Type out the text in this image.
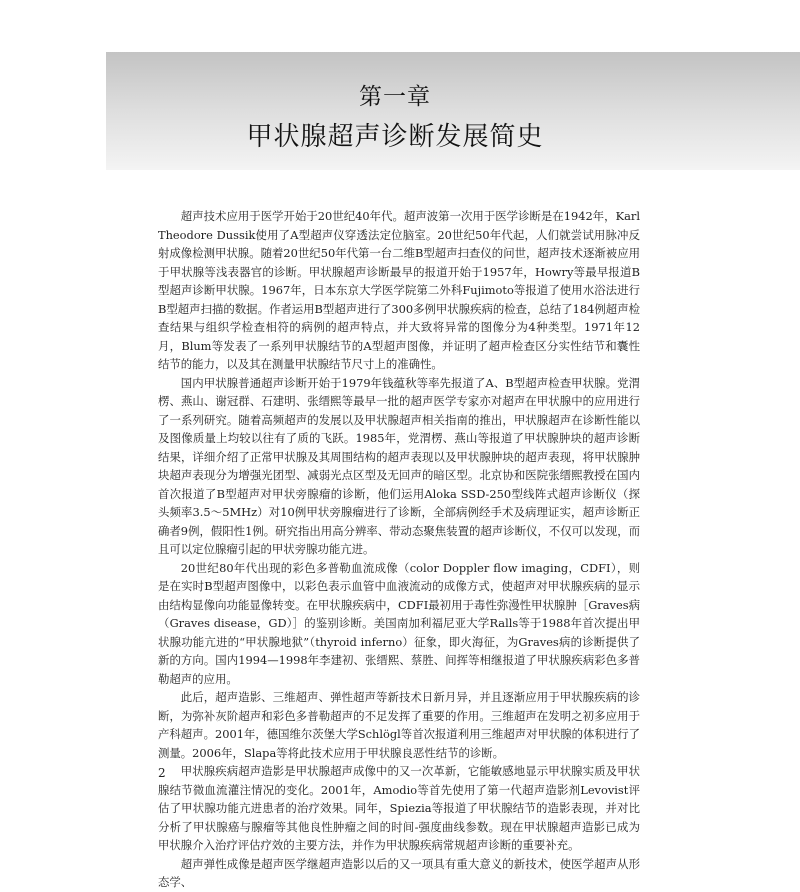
第一章
甲状腺超声诊断发展简史

超声技术应用于医学开始于20世纪40年代。超声波第一次用于医学诊断是在1942年，Karl Theodore Dussik使用了A型超声仪穿透法定位脑室。20世纪50年代起，人们就尝试用脉冲反射成像检测甲状腺。随着20世纪50年代第一台二维B型超声扫查仪的问世，超声技术逐渐被应用于甲状腺等浅表器官的诊断。甲状腺超声诊断最早的报道开始于1957年，Howry等最早报道B型超声诊断甲状腺。1967年，日本东京大学医学院第二外科Fujimoto等报道了使用水浴法进行B型超声扫描的数据。作者运用B型超声进行了300多例甲状腺疾病的检查，总结了184例超声检查结果与组织学检查相符的病例的超声特点，并大致将异常的图像分为4种类型。1971年12月，Blum等发表了一系列甲状腺结节的A型超声图像，并证明了超声检查区分实性结节和囊性结节的能力，以及其在测量甲状腺结节尺寸上的准确性。

国内甲状腺普通超声诊断开始于1979年钱蕴秋等率先报道了A、B型超声检查甲状腺。党渭楞、燕山、谢冠群、石建明、张缙熙等最早一批的超声医学专家亦对超声在甲状腺中的应用进行了一系列研究。随着高频超声的发展以及甲状腺超声相关指南的推出，甲状腺超声在诊断性能以及图像质量上均较以往有了质的飞跃。1985年，党渭楞、燕山等报道了甲状腺肿块的超声诊断结果，详细介绍了正常甲状腺及其周围结构的超声表现以及甲状腺肿块的超声表现，将甲状腺肿块超声表现分为增强光团型、减弱光点区型及无回声的暗区型。北京协和医院张缙熙教授在国内首次报道了B型超声对甲状旁腺瘤的诊断，他们运用Aloka SSD-250型线阵式超声诊断仪（探头频率3.5～5MHz）对10例甲状旁腺瘤进行了诊断，全部病例经手术及病理证实，超声诊断正确者9例，假阳性1例。研究指出用高分辨率、带动态聚焦装置的超声诊断仪，不仅可以发现，而且可以定位腺瘤引起的甲状旁腺功能亢进。

20世纪80年代出现的彩色多普勒血流成像（color Doppler flow imaging，CDFI），则是在实时B型超声图像中，以彩色表示血管中血液流动的成像方式，使超声对甲状腺疾病的显示由结构显像向功能显像转变。在甲状腺疾病中，CDFI最初用于毒性弥漫性甲状腺肿［Graves病（Graves disease，GD）］的鉴别诊断。美国南加利福尼亚大学Ralls等于1988年首次提出甲状腺功能亢进的“甲状腺地狱”（thyroid inferno）征象，即火海征，为Graves病的诊断提供了新的方向。国内1994—1998年李建初、张缙熙、蔡胜、间挥等相继报道了甲状腺疾病彩色多普勒超声的应用。

此后，超声造影、三维超声、弹性超声等新技术日新月异，并且逐渐应用于甲状腺疾病的诊断，为弥补灰阶超声和彩色多普勒超声的不足发挥了重要的作用。三维超声在发明之初多应用于产科超声。2001年，德国维尔茨堡大学Schlögl等首次报道利用三维超声对甲状腺的体积进行了测量。2006年，Slapa等将此技术应用于甲状腺良恶性结节的诊断。

甲状腺疾病超声造影是甲状腺超声成像中的又一次革新，它能敏感地显示甲状腺实质及甲状腺结节微血流灌注情况的变化。2001年，Amodio等首先使用了第一代超声造影剂Levovist评估了甲状腺功能亢进患者的治疗效果。同年，Spiezia等报道了甲状腺结节的造影表现，并对比分析了甲状腺癌与腺瘤等其他良性肿瘤之间的时间-强度曲线参数。现在甲状腺超声造影已成为甲状腺介入治疗评估疗效的主要方法，并作为甲状腺疾病常规超声诊断的重要补充。

超声弹性成像是超声医学继超声造影以后的又一项具有重大意义的新技术，使医学超声从形态学、

2
